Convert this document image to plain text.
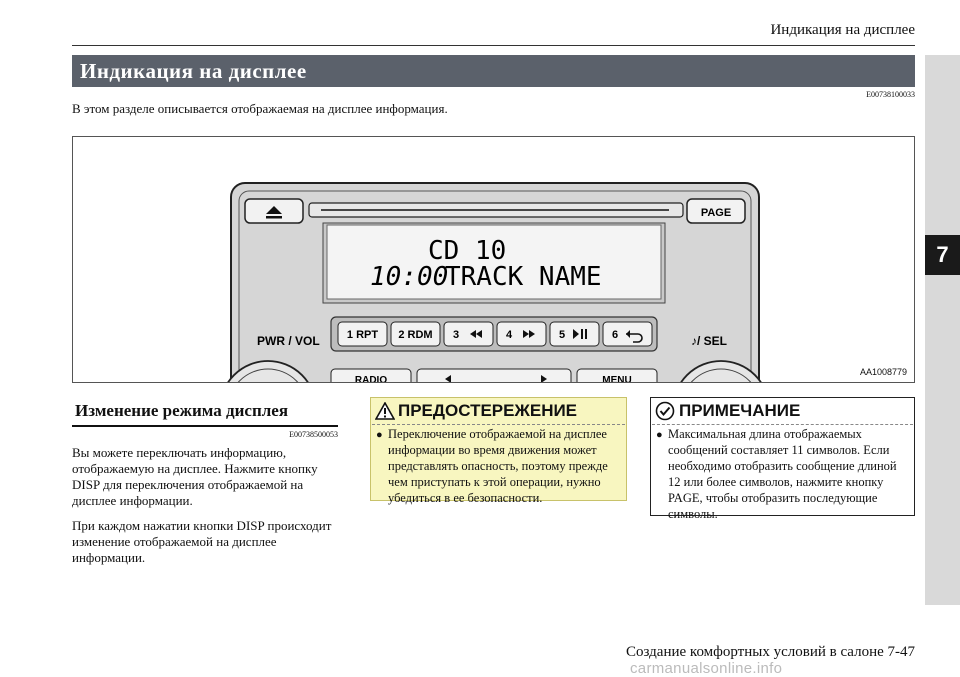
Индикация на дисплее
7
Индикация на дисплее
E00738100033
В этом разделе описывается отображаемая на дисплее информация.
PAGE
CD 10
10:00
TRACK NAME
PWR / VOL	♪/ SEL
1 RPT 2 RDM 3	4	5	6
RADIO	MENU
AA1008779
Изменение режима дисплея
E00738500053
Вы можете переключать информацию, отображаемую на дисплее. Нажмите кнопку DISP для переключения отображаемой на дисплее информации.
При каждом нажатии кнопки DISP происходит изменение отображаемой на дисплее информации.
ПРЕДОСТЕРЕЖЕНИЕ
● Переключение отображаемой на дисплее информации во время движения может представлять опасность, поэтому прежде чем приступать к этой операции, нужно убедиться в ее безопасности.
ПРИМЕЧАНИЕ
● Максимальная длина отображаемых сообщений составляет 11 символов. Если необходимо отобразить сообщение длиной 12 или более символов, нажмите кнопку PAGE, чтобы отобразить последующие символы.
Создание комфортных условий в салоне 7-47
carmanualsonline.info
